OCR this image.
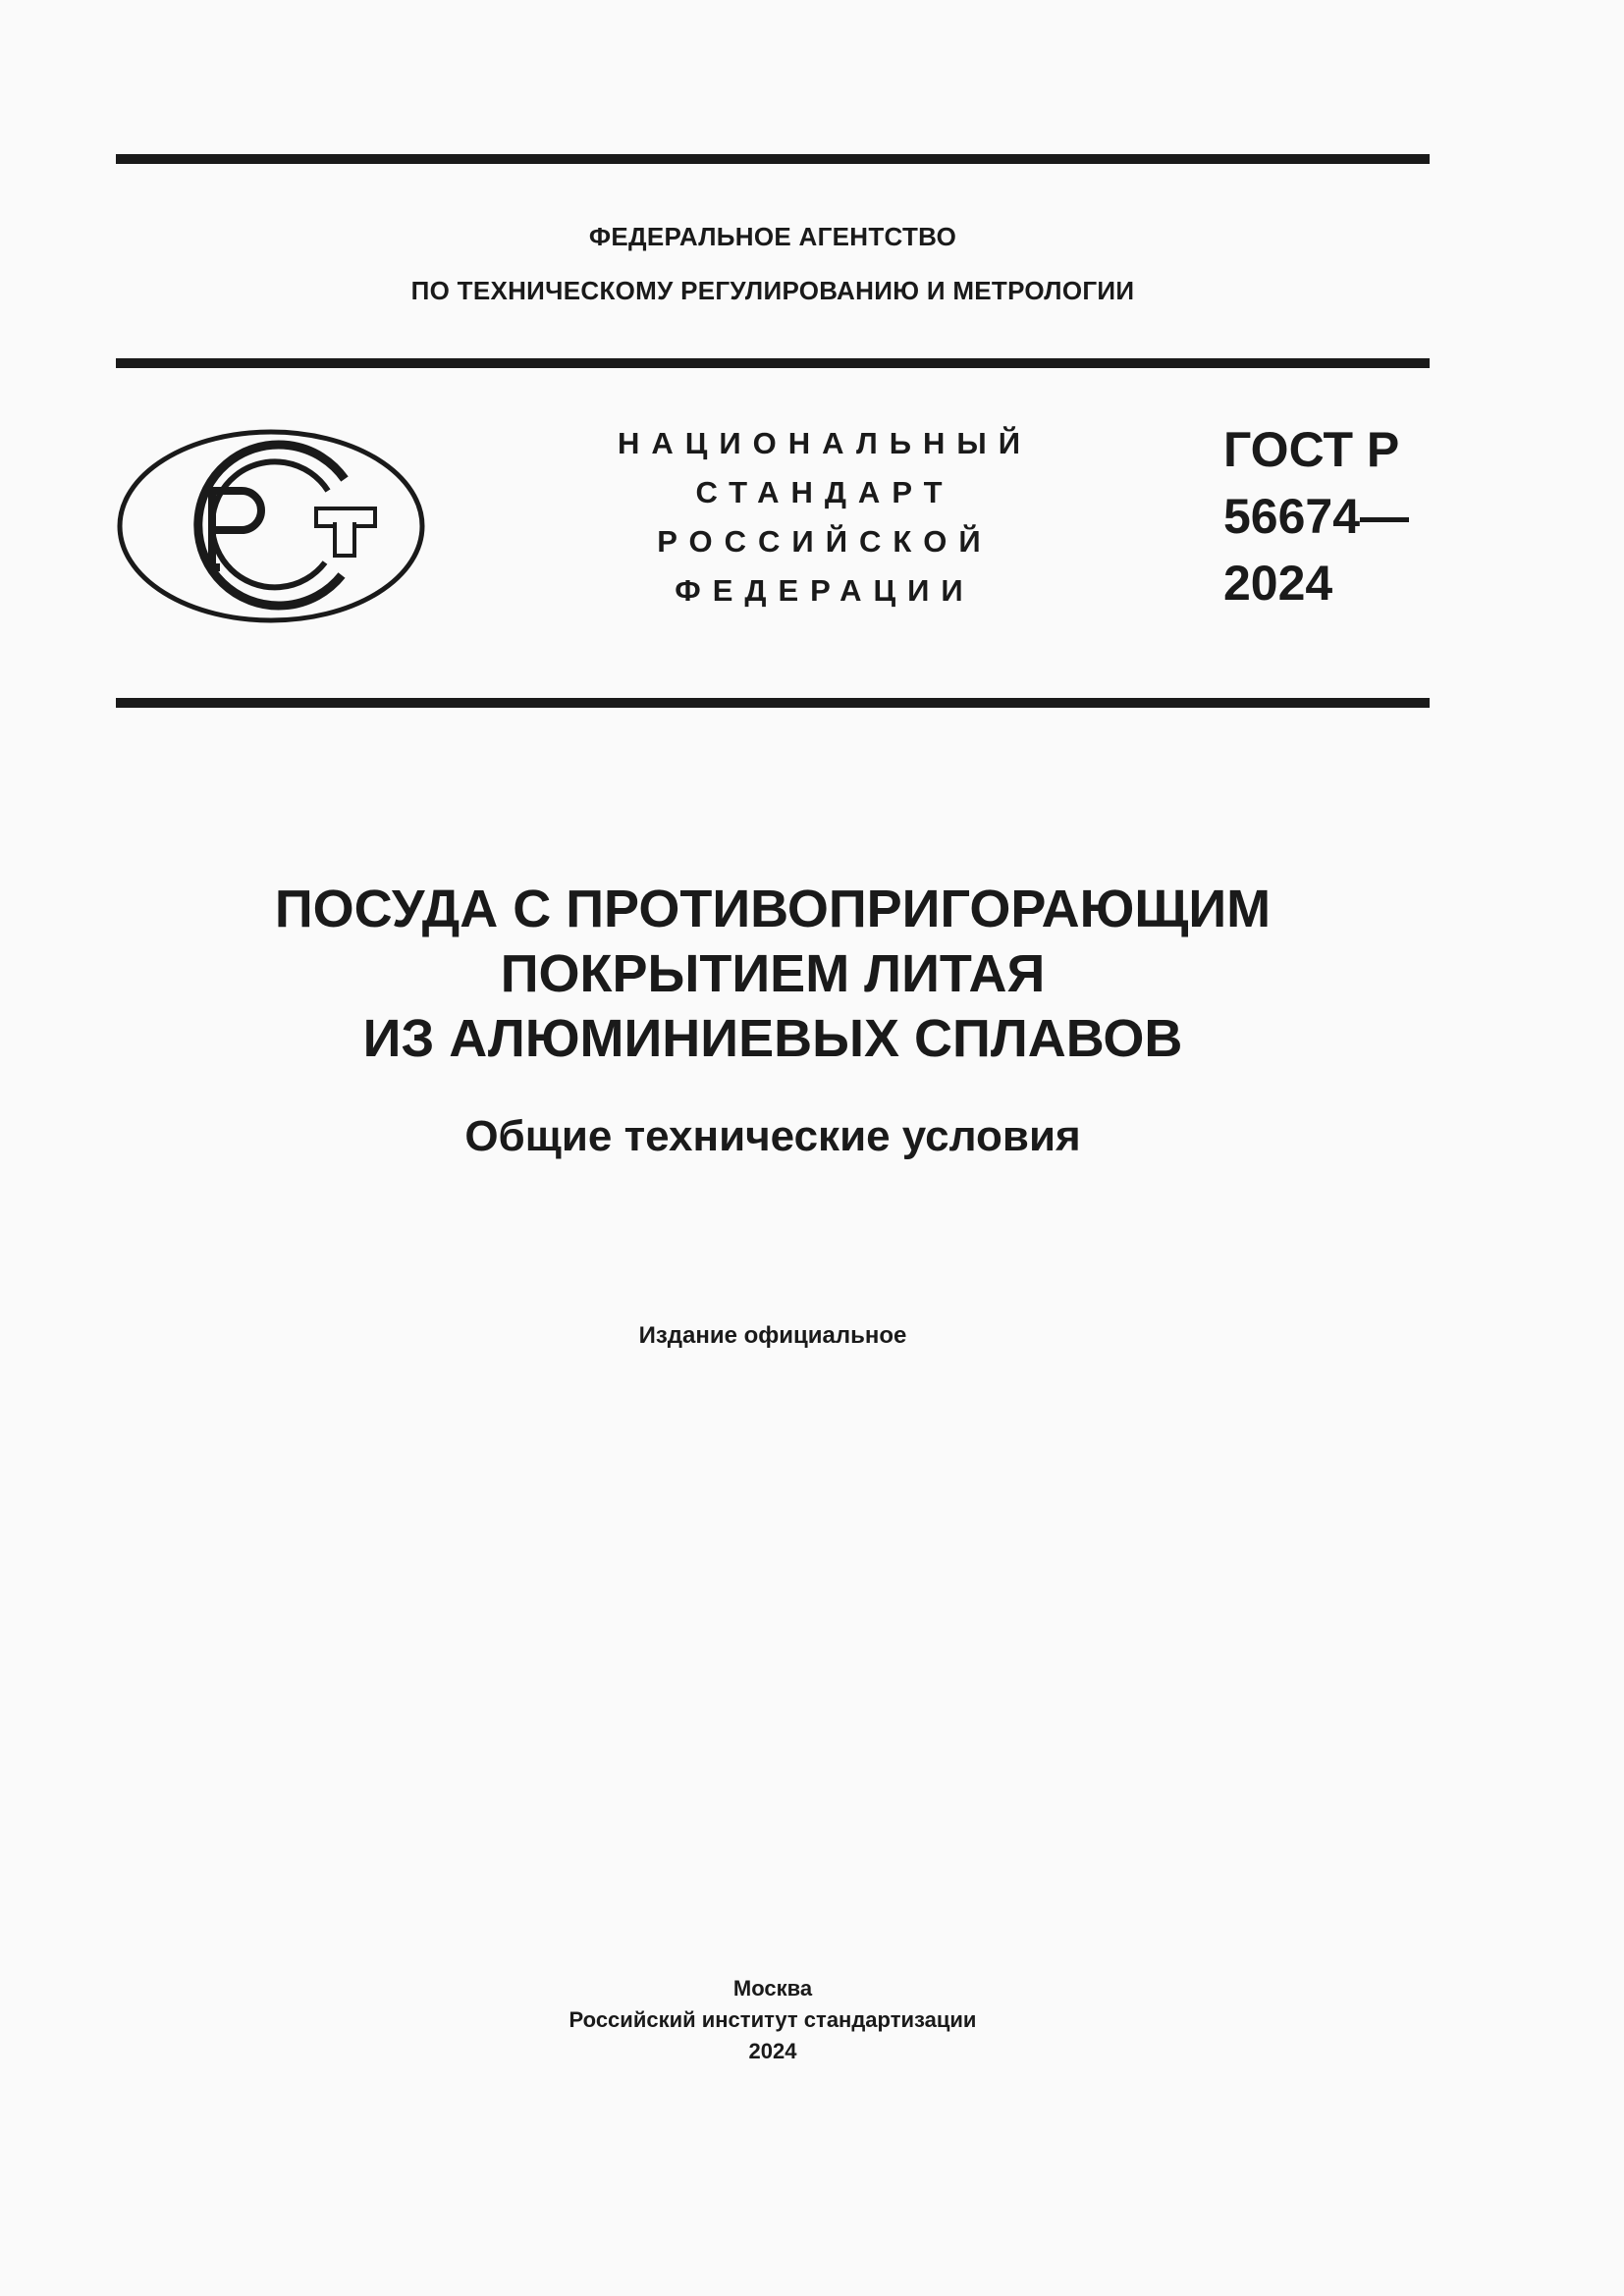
ФЕДЕРАЛЬНОЕ АГЕНТСТВО
ПО ТЕХНИЧЕСКОМУ РЕГУЛИРОВАНИЮ И МЕТРОЛОГИИ
НАЦИОНАЛЬНЫЙ
СТАНДАРТ
РОССИЙСКОЙ
ФЕДЕРАЦИИ
ГОСТ Р
56674—
2024
ПОСУДА С ПРОТИВОПРИГОРАЮЩИМ
ПОКРЫТИЕМ ЛИТАЯ
ИЗ АЛЮМИНИЕВЫХ СПЛАВОВ
Общие технические условия
Издание официальное
Москва
Российский институт стандартизации
2024
